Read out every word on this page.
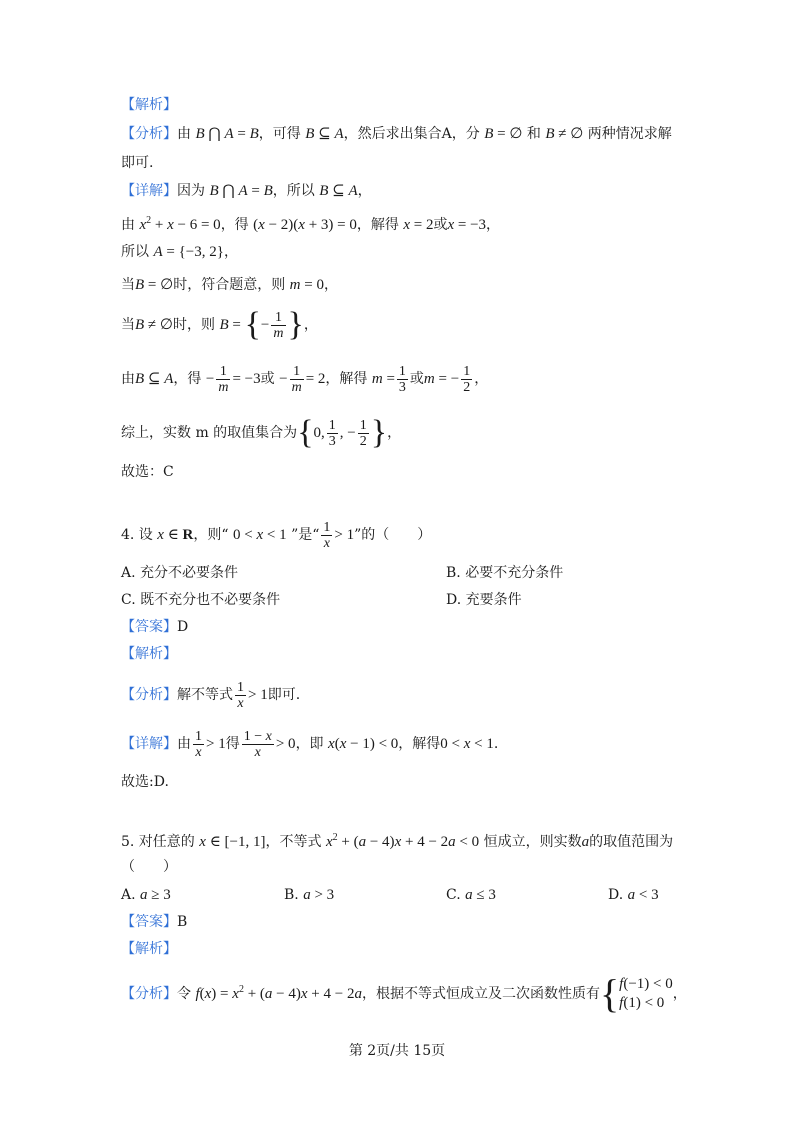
【解析】
【分析】由 B ⋂ A = B，可得 B ⊆ A，然后求出集合A，分 B = ∅ 和 B ≠ ∅ 两种情况求解
即可.
【详解】因为 B ⋂ A = B，所以 B ⊆ A，
由 $x^2 + x - 6 = 0$，得 (x − 2)(x + 3) = 0，解得 x = 2或x = −3，
所以 A = {−3, 2}，
当B = ∅时，符合题意，则 m = 0，
当B ≠ ∅时，则 B = {− $\frac{1}{m}$ }，
由B ⊆ A，得 − $\frac{1}{m} = -3$或 − $\frac{1}{m} = 2$，解得 $m = \frac{1}{3}$ 或m = − $\frac{1}{2}$ ，
综上，实数 m 的取值集合为{0, $\frac{1}{3}$ , − $\frac{1}{2}$ }，
故选：C
4. 设 x ∈ R，则“ 0 < x < 1 ”是“ $\frac{1}{x} > 1$”的（　　）
A. 充分不必要条件	B. 必要不充分条件
C. 既不充分也不必要条件	D. 充要条件
【答案】D
【解析】
【分析】解不等式 $\frac{1}{x} > 1$即可.
【详解】由 $\frac{1}{x} > 1$得 $\frac{1 - x}{x} > 0$，即 x(x − 1) < 0，解得0 < x < 1.
故选:D.
5. 对任意的 x ∈ [−1, 1]，不等式 $x^2 + (a - 4)x + 4 - 2a < 0$ 恒成立，则实数a的取值范围为
（　　）
A. a ≥ 3	B. a > 3	C. a ≤ 3	D. a < 3
【答案】B
【解析】
【分析】令 $f(x) = x^2 + (a - 4)x + 4 - 2a$，根据不等式恒成立及二次函数性质有{ f(−1) < 0
f(1) < 0
，
第 2页/共 15页
